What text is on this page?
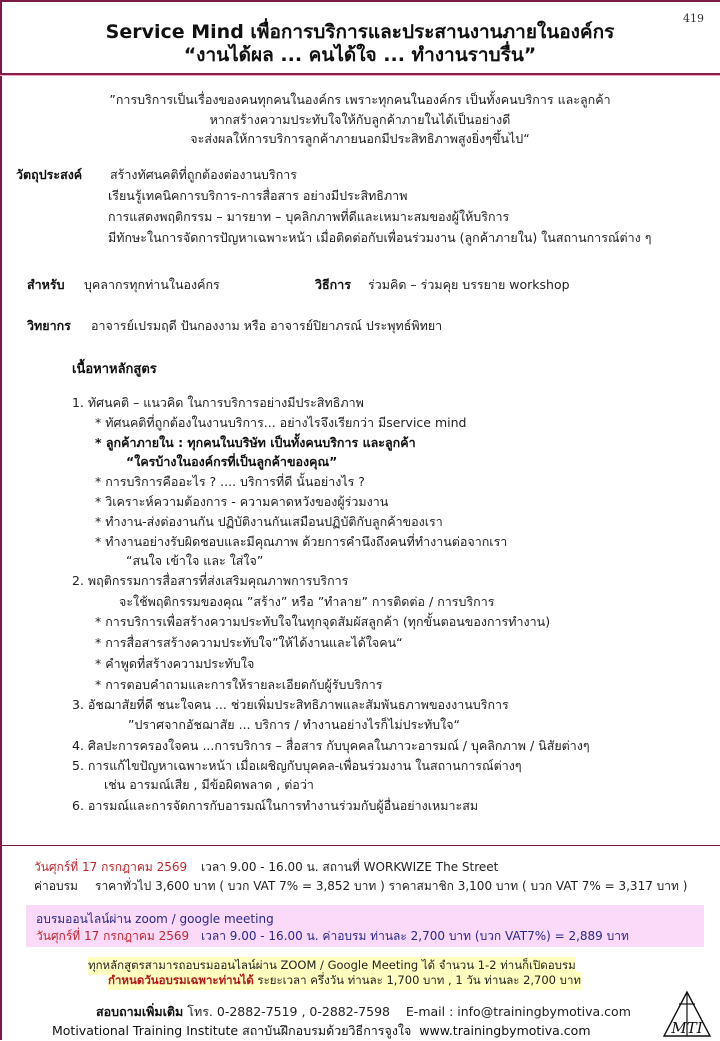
419
Service Mind เพื่อการบริการและประสานงานภายในองค์กร
“งานได้ผล ... คนได้ใจ ... ทำงานราบรื่น”
”การบริการเป็นเรื่องของคนทุกคนในองค์กร เพราะทุกคนในองค์กร เป็นทั้งคนบริการ และลูกค้า
หากสร้างความประทับใจให้กับลูกค้าภายในได้เป็นอย่างดี
จะส่งผลให้การบริการลูกค้าภายนอกมีประสิทธิภาพสูงยิ่งๆขึ้นไป“
วัตถุประสงค์ สร้างทัศนคติที่ถูกต้องต่องานบริการ
เรียนรู้เทคนิคการบริการ-การสื่อสาร อย่างมีประสิทธิภาพ
การแสดงพฤติกรรม – มารยาท – บุคลิกภาพที่ดีและเหมาะสมของผู้ให้บริการ
มีทักษะในการจัดการปัญหาเฉพาะหน้า เมื่อติดต่อกับเพื่อนร่วมงาน (ลูกค้าภายใน) ในสถานการณ์ต่าง ๆ
สำหรับ บุคลากรทุกท่านในองค์กร	วิธีการ ร่วมคิด – ร่วมคุย บรรยาย workshop
วิทยากร อาจารย์เปรมฤดี ปันกองงาม หรือ อาจารย์ปิยาภรณ์ ประพุทธ์พิทยา
เนื้อหาหลักสูตร
1. ทัศนคติ – แนวคิด ในการบริการอย่างมีประสิทธิภาพ
* ทัศนคติที่ถูกต้องในงานบริการ... อย่างไรจึงเรียกว่า มีservice mind
* ลูกค้าภายใน : ทุกคนในบริษัท เป็นทั้งคนบริการ และลูกค้า
“ใครบ้างในองค์กรที่เป็นลูกค้าของคุณ”
* การบริการคืออะไร ? .... บริการที่ดี นั้นอย่างไร ?
* วิเคราะห์ความต้องการ - ความคาดหวังของผู้ร่วมงาน
* ทำงาน-ส่งต่องานกัน ปฏิบัติงานกันเสมือนปฏิบัติกับลูกค้าของเรา
* ทำงานอย่างรับผิดชอบและมีคุณภาพ ด้วยการคำนึงถึงคนที่ทำงานต่อจากเรา
“สนใจ เข้าใจ และ ใส่ใจ”
2. พฤติกรรมการสื่อสารที่ส่งเสริมคุณภาพการบริการ
จะใช้พฤติกรรมของคุณ ”สร้าง” หรือ ”ทำลาย” การติดต่อ / การบริการ
* การบริการเพื่อสร้างความประทับใจในทุกจุดสัมผัสลูกค้า (ทุกขั้นตอนของการทำงาน)
* การสื่อสารสร้างความประทับใจ”ให้ได้งานและได้ใจคน“
* คำพูดที่สร้างความประทับใจ
* การตอบคำถามและการให้รายละเอียดกับผู้รับบริการ
3. อัชฌาสัยที่ดี ชนะใจคน ... ช่วยเพิ่มประสิทธิภาพและสัมพันธภาพของงานบริการ
”ปราศจากอัชฌาสัย ... บริการ / ทำงานอย่างไรก็ไม่ประทับใจ“
4. ศิลปะการครองใจคน ...การบริการ – สื่อสาร กับบุคคลในภาวะอารมณ์ / บุคลิกภาพ / นิสัยต่างๆ
5. การแก้ไขปัญหาเฉพาะหน้า เมื่อเผชิญกับบุคคล-เพื่อนร่วมงาน ในสถานการณ์ต่างๆ
เช่น อารมณ์เสีย , มีข้อผิดพลาด , ต่อว่า
6. อารมณ์และการจัดการกับอารมณ์ในการทำงานร่วมกับผู้อื่นอย่างเหมาะสม
วันศุกร์ที่ 17 กรกฎาคม 2569 เวลา 9.00 - 16.00 น. สถานที่ WORKWIZE The Street
ค่าอบรม ราคาทั่วไป 3,600 บาท ( บวก VAT 7% = 3,852 บาท ) ราคาสมาชิก 3,100 บาท ( บวก VAT 7% = 3,317 บาท )
อบรมออนไลน์ผ่าน zoom / google meeting
วันศุกร์ที่ 17 กรกฎาคม 2569 เวลา 9.00 - 16.00 น. ค่าอบรม ท่านละ 2,700 บาท (บวก VAT7%) = 2,889 บาท
ทุกหลักสูตรสามารถอบรมออนไลน์ผ่าน ZOOM / Google Meeting ได้ จำนวน 1-2 ท่านก็เปิดอบรม
กำหนดวันอบรมเฉพาะท่านได้ ระยะเวลา ครึ่งวัน ท่านละ 1,700 บาท , 1 วัน ท่านละ 2,700 บาท
สอบถามเพิ่มเติม โทร. 0-2882-7519 , 0-2882-7598 E-mail : info@trainingbymotiva.com
Motivational Training Institute สถาบันฝึกอบรมด้วยวิธีการจูงใจ www.trainingbymotiva.com	MTI
